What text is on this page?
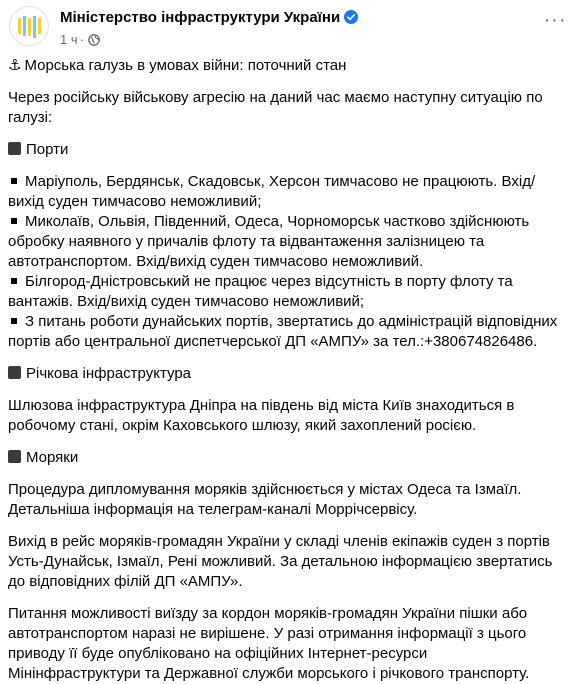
Міністерство інфраструктури України
1 ч ·
···

⚓ Морська галузь в умовах війни: поточний стан

Через російську військову агресію на даний час маємо наступну ситуацію по галузі:

Порти

Маріуполь, Бердянськ, Скадовськ, Херсон тимчасово не працюють. Вхід/вихід суден тимчасово неможливий;

Миколаїв, Ольвія, Південний, Одеса, Чорноморськ частково здійснюють обробку наявного у причалів флоту та відвантаження залізницею та автотранспортом. Вхід/вихід суден тимчасово неможливий.

Білгород-Дністровський не працює через відсутність в порту флоту та вантажів. Вхід/вихід суден тимчасово неможливий;

З питань роботи дунайських портів, звертатись до адміністрацій відповідних портів або центральної диспетчерської ДП «АМПУ» за тел.:+380674826486.

Річкова інфраструктура

Шлюзова інфраструктура Дніпра на південь від міста Київ знаходиться в робочому стані, окрім Каховського шлюзу, який захоплений росією.

Моряки

Процедура дипломування моряків здійснюється у містах Одеса та Ізмаїл. Детальніша інформація на телеграм-каналі Моррічсервісу.

Вихід в рейс моряків-громадян України у складі членів екіпажів суден з портів Усть-Дунайськ, Ізмаїл, Рені можливий. За детальною інформацією звертатись до відповідних філій ДП «АМПУ».

Питання можливості виїзду за кордон моряків-громадян України пішки або автотранспортом наразі не вирішене. У разі отримання інформації з цього приводу її буде опубліковано на офіційних Інтернет-ресурси Мінінфраструктури та Державної служби морського і річкового транспорту.
